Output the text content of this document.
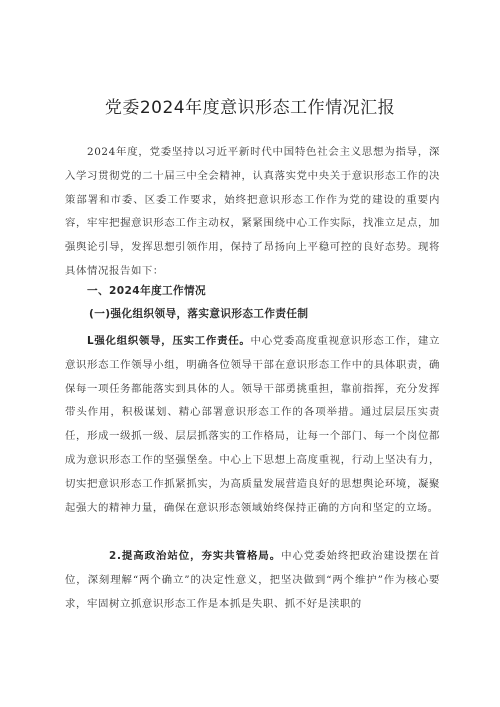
党委2024年度意识形态工作情况汇报
2024年度，党委坚持以习近平新时代中国特色社会主义思想为指导，深入学习贯彻党的二十届三中全会精神，认真落实党中央关于意识形态工作的决策部署和市委、区委工作要求，始终把意识形态工作作为党的建设的重要内容，牢牢把握意识形态工作主动权，紧紧围绕中心工作实际，找准立足点，加强舆论引导，发挥思想引领作用，保持了昂扬向上平稳可控的良好态势。现将具体情况报告如下：
一、2024年度工作情况
(一)强化组织领导，落实意识形态工作责任制
L强化组织领导，压实工作责任。中心党委高度重视意识形态工作，建立意识形态工作领导小组，明确各位领导干部在意识形态工作中的具体职责，确保每一项任务都能落实到具体的人。领导干部勇挑重担，靠前指挥，充分发挥带头作用，积极谋划、精心部署意识形态工作的各项举措。通过层层压实责任，形成一级抓一级、层层抓落实的工作格局，让每一个部门、每一个岗位都成为意识形态工作的坚强堡垒。中心上下思想上高度重视，行动上坚决有力，切实把意识形态工作抓紧抓实，为高质量发展营造良好的思想舆论环境，凝聚起强大的精神力量，确保在意识形态领域始终保持正确的方向和坚定的立场。
2.提高政治站位，夯实共管格局。中心党委始终把政治建设摆在首位，深刻理解“两个确立”的决定性意义，把坚决做到“两个维护”作为核心要求，牢固树立抓意识形态工作是本抓是失职、抓不好是渎职的
